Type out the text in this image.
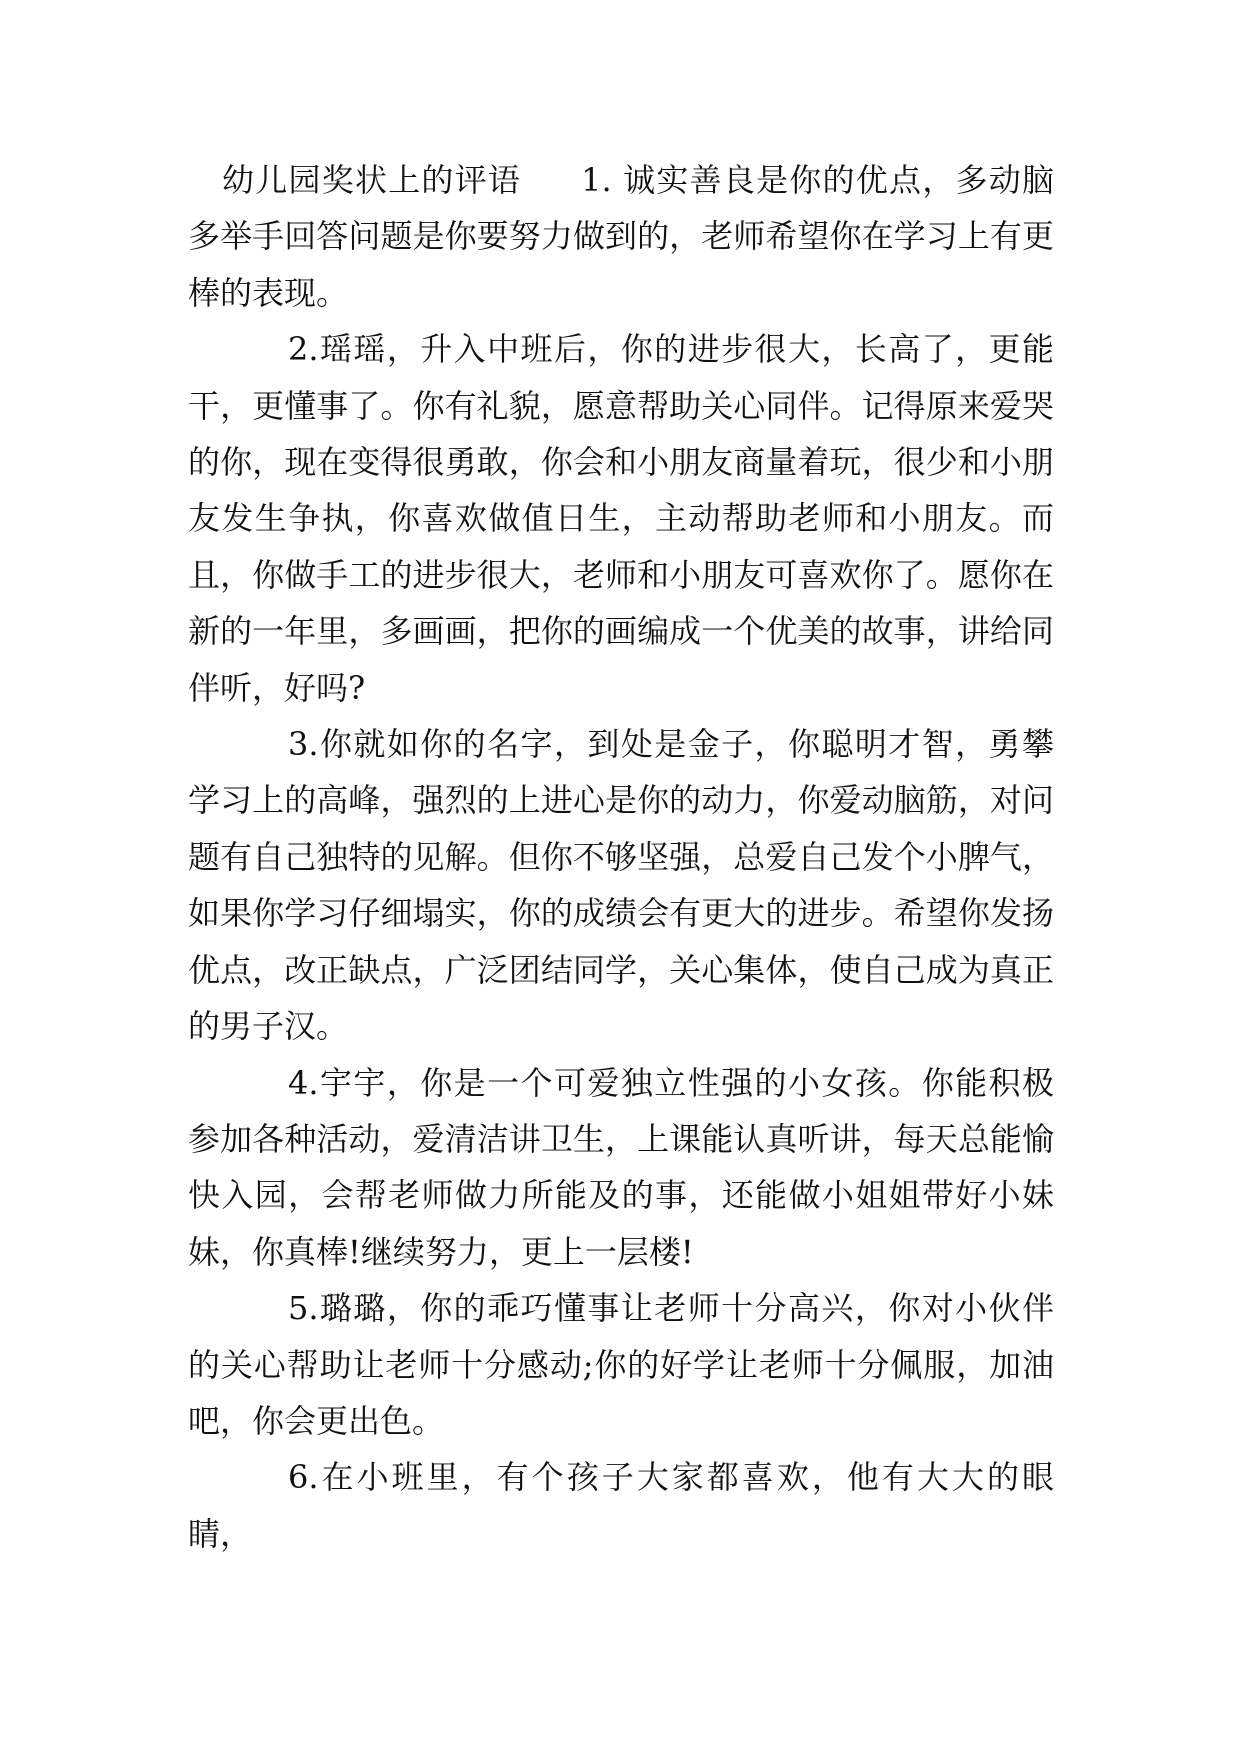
幼儿园奖状上的评语 1. 诚实善良是你的优点，多动脑多举手回答问题是你要努力做到的，老师希望你在学习上有更棒的表现。

2.瑶瑶，升入中班后，你的进步很大，长高了，更能干，更懂事了。你有礼貌，愿意帮助关心同伴。记得原来爱哭的你，现在变得很勇敢，你会和小朋友商量着玩，很少和小朋友发生争执，你喜欢做值日生，主动帮助老师和小朋友。而且，你做手工的进步很大，老师和小朋友可喜欢你了。愿你在新的一年里，多画画，把你的画编成一个优美的故事，讲给同伴听，好吗?

3.你就如你的名字，到处是金子，你聪明才智，勇攀学习上的高峰，强烈的上进心是你的动力，你爱动脑筋，对问题有自己独特的见解。但你不够坚强，总爱自己发个小脾气，如果你学习仔细塌实，你的成绩会有更大的进步。希望你发扬优点，改正缺点，广泛团结同学，关心集体，使自己成为真正的男子汉。

4.宇宇，你是一个可爱独立性强的小女孩。你能积极参加各种活动，爱清洁讲卫生，上课能认真听讲，每天总能愉快入园，会帮老师做力所能及的事，还能做小姐姐带好小妹妹，你真棒!继续努力，更上一层楼!

5.璐璐，你的乖巧懂事让老师十分高兴，你对小伙伴的关心帮助让老师十分感动;你的好学让老师十分佩服，加油吧，你会更出色。

6.在小班里，有个孩子大家都喜欢，他有大大的眼睛，
